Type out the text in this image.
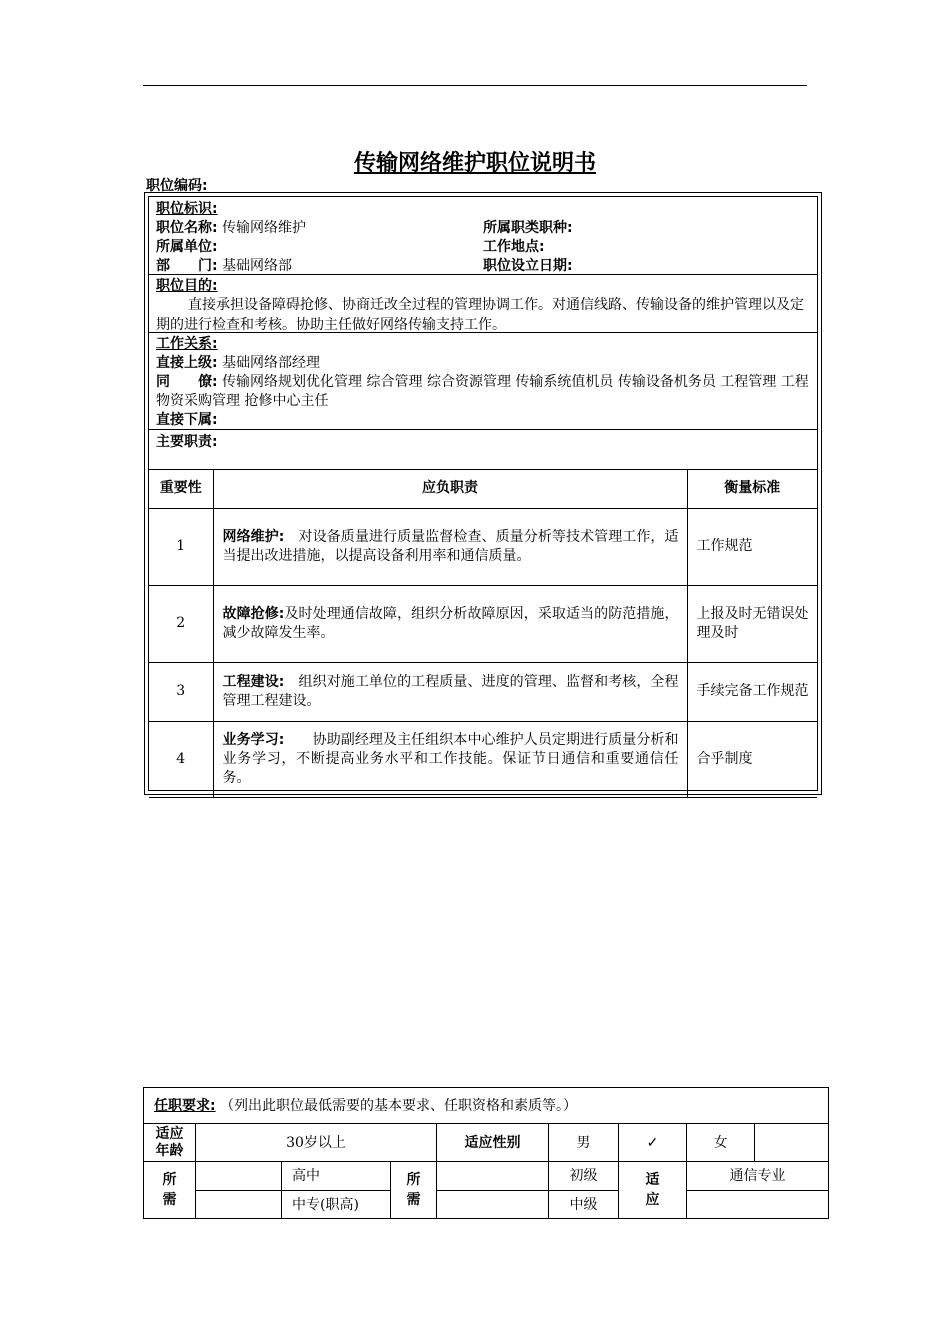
传输网络维护职位说明书
职位编码:
职位标识:
职位名称: 传输网络维护	所属职类职种:
所属单位:	工作地点:
部　　门: 基础网络部	职位设立日期:
职位目的:
直接承担设备障碍抢修、协商迁改全过程的管理协调工作。对通信线路、传输设备的维护管理以及定期的进行检查和考核。协助主任做好网络传输支持工作。
工作关系:
直接上级: 基础网络部经理
同　　僚: 传输网络规划优化管理 综合管理 综合资源管理 传输系统值机员 传输设备机务员 工程管理 工程物资采购管理 抢修中心主任
直接下属:
主要职责:
重要性	应负职责	衡量标准
1	网络维护:　对设备质量进行质量监督检查、质量分析等技术管理工作，适当提出改进措施，以提高设备利用率和通信质量。	工作规范
2	故障抢修:及时处理通信故障，组织分析故障原因，采取适当的防范措施，减少故障发生率。	上报及时无错误处理及时
3	工程建设:　组织对施工单位的工程质量、进度的管理、监督和考核，全程管理工程建设。	手续完备工作规范
4	业务学习:　　协助副经理及主任组织本中心维护人员定期进行质量分析和业务学习，不断提高业务水平和工作技能。保证节日通信和重要通信任务。	合乎制度
任职要求: （列出此职位最低需要的基本要求、任职资格和素质等。）								
适应年龄	30岁以上			适应性别	男	✓	女	
所需		高中	所需		初级	适应	通信专业	
		中专(职高)			中级			
